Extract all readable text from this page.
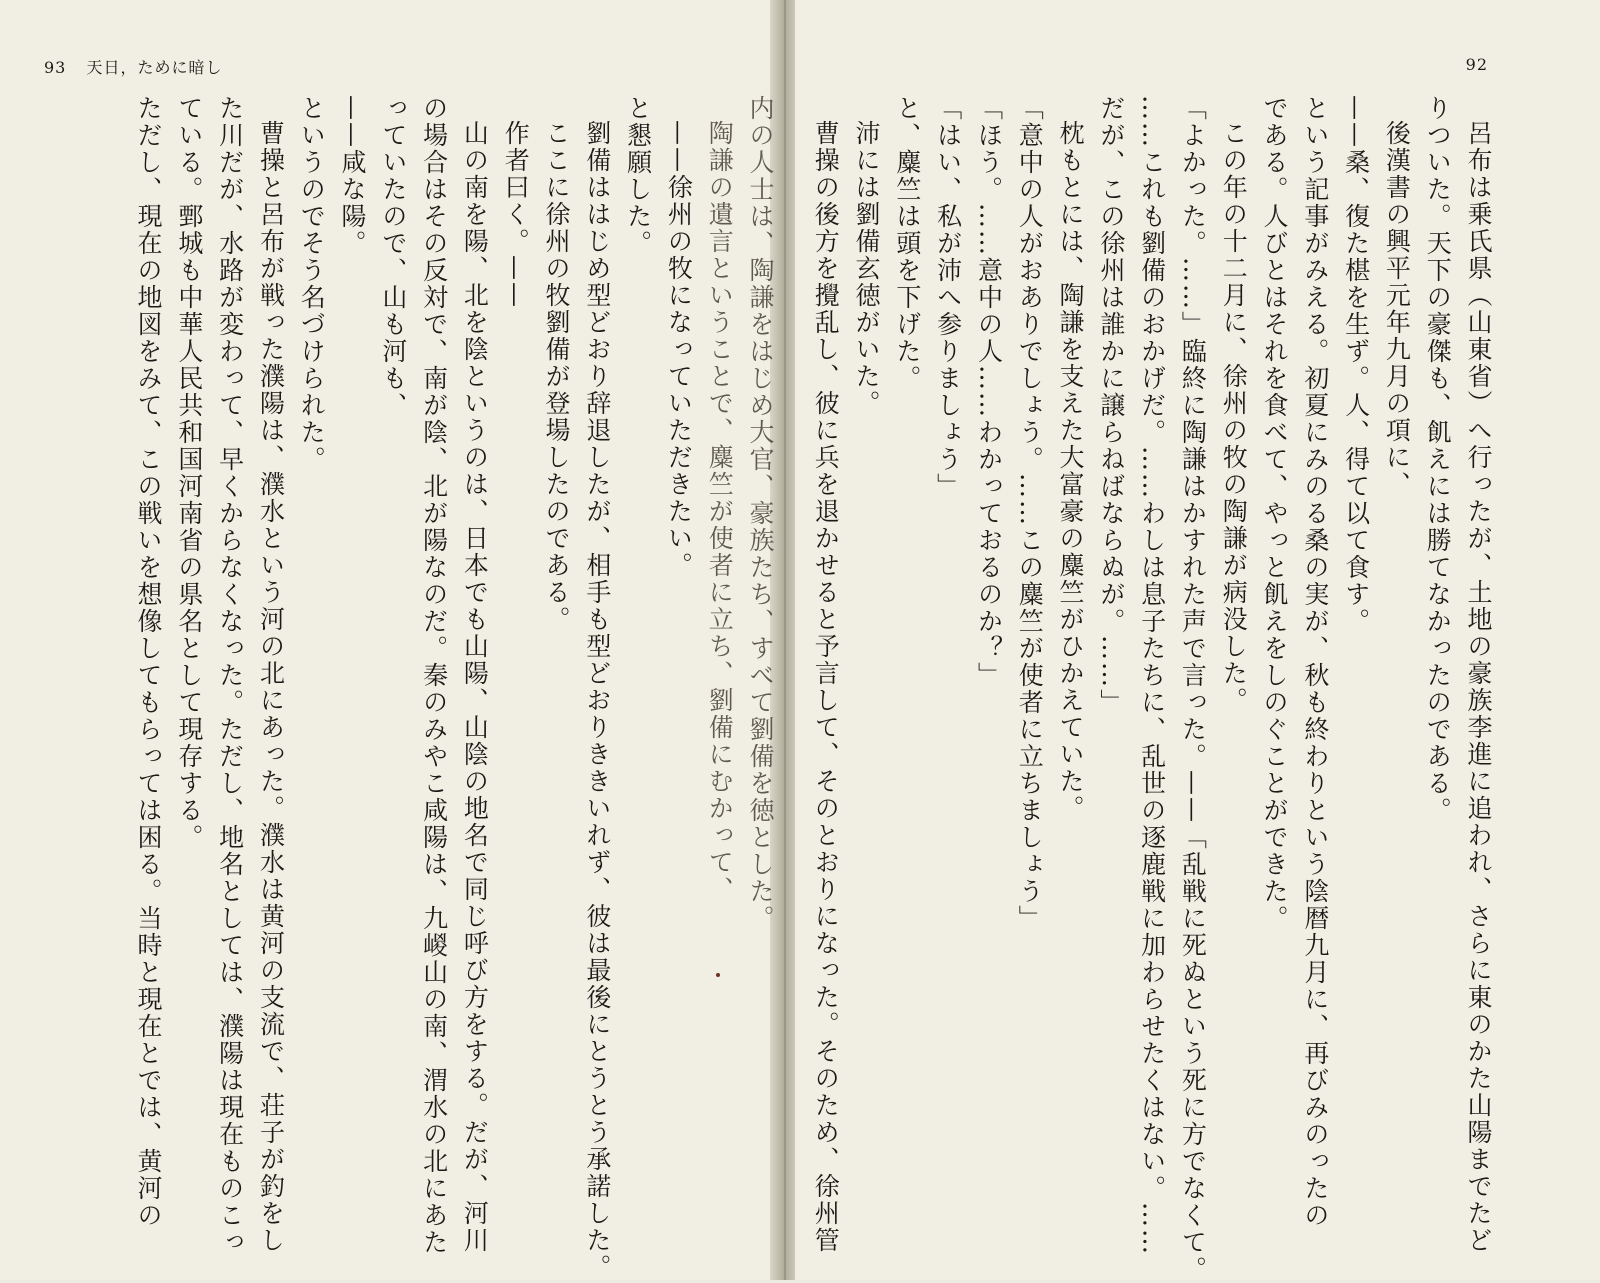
93 天日，ために暗し	92
呂布は乗氏県（山東省）へ行ったが、土地の豪族李進に追われ、さらに東のかた山陽までたど
りついた。天下の豪傑も、飢えには勝てなかったのである。
後漢書の興平元年九月の項に、
——桑、復た椹を生ず。人、得て以て食す。
という記事がみえる。初夏にみのる桑の実が、秋も終わりという陰暦九月に、再びみのったの
である。人びとはそれを食べて、やっと飢えをしのぐことができた。
この年の十二月に、徐州の牧の陶謙が病没した。
「よかった。……」臨終に陶謙はかすれた声で言った。——「乱戦に死ぬという死に方でなくて。
……これも劉備のおかげだ。……わしは息子たちに、乱世の逐鹿戦に加わらせたくはない。……
だが、この徐州は誰かに譲らねばならぬが。……」
枕もとには、陶謙を支えた大富豪の麋竺がひかえていた。
「意中の人がおありでしょう。……この麋竺が使者に立ちましょう」
「ほう。……意中の人……わかっておるのか？」
「はい、私が沛へ参りましょう」
と、麋竺は頭を下げた。
沛には劉備玄徳がいた。
曹操の後方を攪乱し、彼に兵を退かせると予言して、そのとおりになった。そのため、徐州管
内の人士は、陶謙をはじめ大官、豪族たち、すべて劉備を徳とした。
陶謙の遺言ということで、麋竺が使者に立ち、劉備にむかって、
——徐州の牧になっていただきたい。
と懇願した。
劉備ははじめ型どおり辞退したが、相手も型どおりききいれず、彼は最後にとうとう承諾した。
ここに徐州の牧劉備が登場したのである。
作者曰く。——
山の南を陽、北を陰というのは、日本でも山陽、山陰の地名で同じ呼び方をする。だが、河川
の場合はその反対で、南が陰、北が陽なのだ。秦のみやこ咸陽は、九嵕山の南、渭水の北にあた
っていたので、山も河も、
——咸な陽。
というのでそう名づけられた。
曹操と呂布が戦った濮陽は、濮水という河の北にあった。濮水は黄河の支流で、荘子が釣をし
た川だが、水路が変わって、早くからなくなった。ただし、地名としては、濮陽は現在ものこっ
ている。鄄城も中華人民共和国河南省の県名として現存する。
ただし、現在の地図をみて、この戦いを想像してもらっては困る。当時と現在とでは、黄河の
